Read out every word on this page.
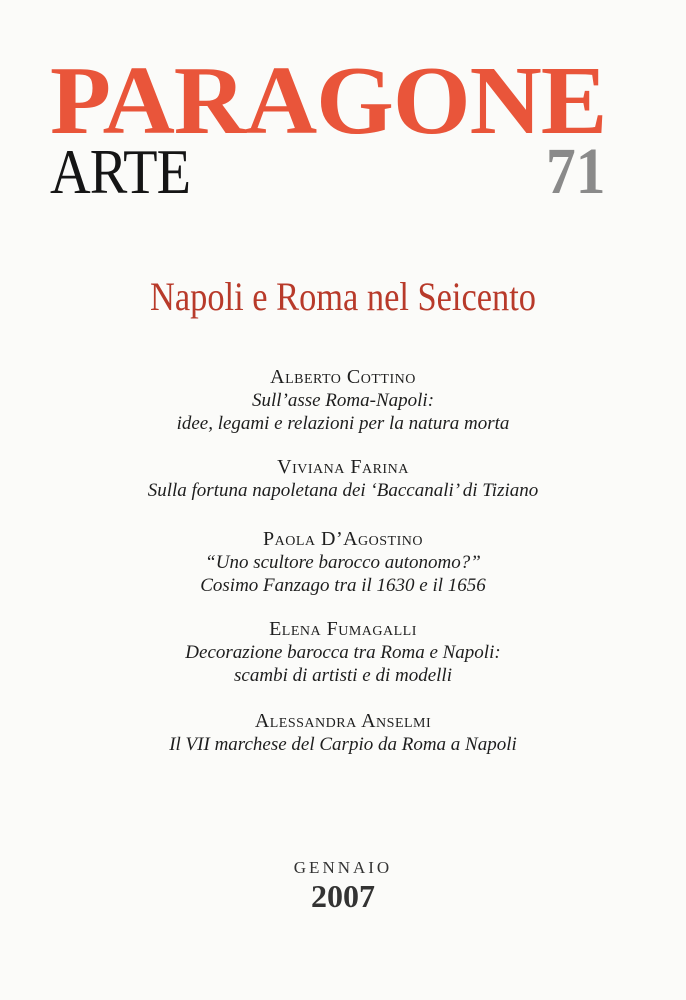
PARAGONE
ARTE	71
Napoli e Roma nel Seicento
Alberto Cottino
Sull’asse Roma-Napoli:
idee, legami e relazioni per la natura morta
Viviana Farina
Sulla fortuna napoletana dei ‘Baccanali’ di Tiziano
Paola D’Agostino
“Uno scultore barocco autonomo?”
Cosimo Fanzago tra il 1630 e il 1656
Elena Fumagalli
Decorazione barocca tra Roma e Napoli:
scambi di artisti e di modelli
Alessandra Anselmi
Il VII marchese del Carpio da Roma a Napoli
GENNAIO
2007
